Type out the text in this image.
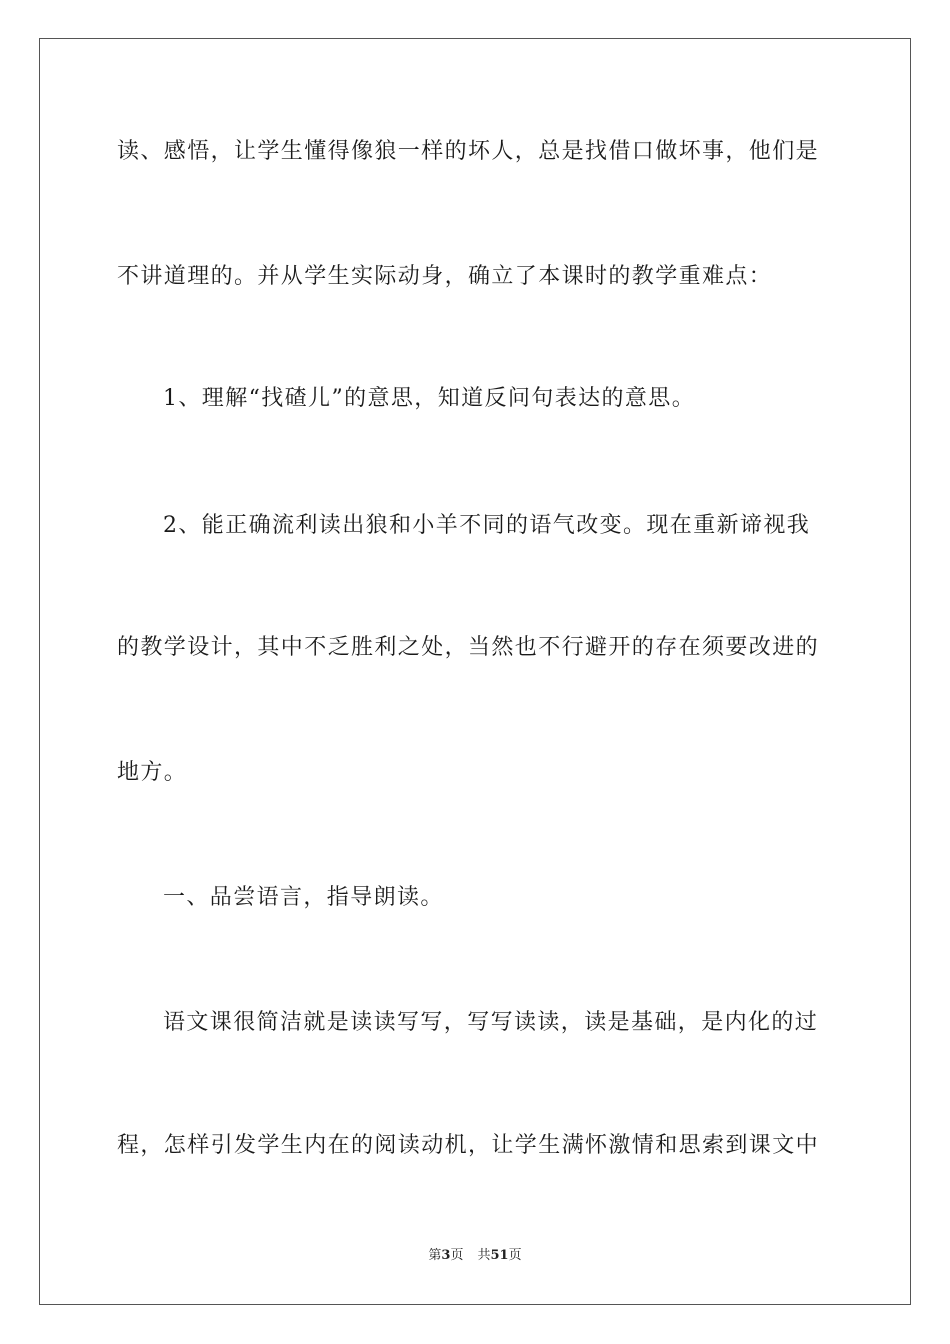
读、感悟，让学生懂得像狼一样的坏人，总是找借口做坏事，他们是
不讲道理的。并从学生实际动身，确立了本课时的教学重难点：
1、理解“找碴儿”的意思，知道反问句表达的意思。
2、能正确流利读出狼和小羊不同的语气改变。现在重新谛视我
的教学设计，其中不乏胜利之处，当然也不行避开的存在须要改进的
地方。
一、品尝语言，指导朗读。
语文课很简洁就是读读写写，写写读读，读是基础，是内化的过
程，怎样引发学生内在的阅读动机，让学生满怀激情和思索到课文中
第3页 共51页
